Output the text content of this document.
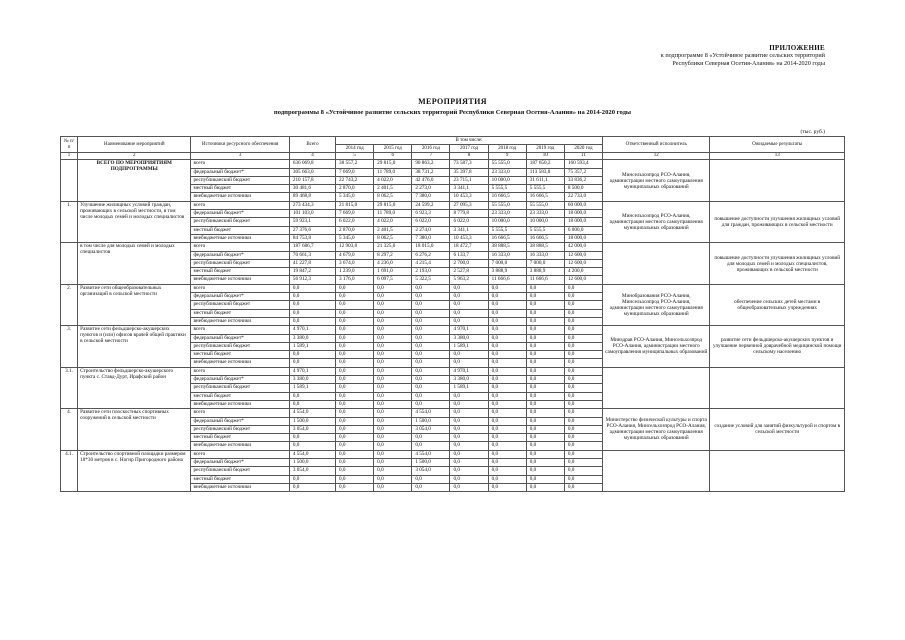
ПРИЛОЖЕНИЕ
к подпрограмме 8 «Устойчивое развитие сельских территорий
Республики Северная Осетия-Алания» на 2014-2020 годы
МЕРОПРИЯТИЯ
подпрограммы 8 «Устойчивое развитие сельских территорий Республики Северная Осетия-Алания» на 2014-2020 годы
(тыс. руб.)
№ п/п	Наименование мероприятий	Источники ресурсного обеспечения	Всего	В том числе:							Ответственный исполнитель	Ожидаемые результаты
				2014 год	2015 год	2016 год	2017 год	2018 год	2019 год	2020 год		
1	2	3	4	5	6	7	8	9	10	11	12	13
	ВСЕГО ПО МЕРОПРИЯТИЯМ ПОДПРОГРАММЫ	всего	636 069,8	38 557,2	29 815,0	90 863,2	73 587,3	55 555,0	187 650,2	160 593,4	Минсельхозпрод РСО-Алания, администрации местного самоуправления муниципальных образований	
		федеральный бюджет*	305 663,0	7 669,0	11 789,0	38 731,2	35 397,8	23 333,0	113 583,8	75 357,2		
		республиканский бюджет	210 157,8	22 743,2	4 022,0	42 476,0	23 715,1	10 000,0	31 611,1	33 836,2		
		местный бюджет	30 481,6	2 870,0	2 401,5	2 273,0	3 341,1	5 555,5	5 555,5	8 500,0		
		внебюджетные источники	89 468,8	5 345,0	8 062,5	7 380,0	10 453,3	16 666,5	16 666,5	22 733,0		
1.	Улучшение жилищных условий граждан, проживающих в сельской местности, в том числе молодых семей и молодых специалистов	всего	273 434,3	21 815,0	29 815,0	24 599,2	27 095,3	55 555,0	55 555,0	60 000,0	Минсельхозпрод РСО-Алания, администрации местного самоуправления муниципальных образований	повышение доступности улучшения жилищных условий для граждан, проживающих в сельской местности
		федеральный бюджет*	101 103,0	7 669,0	11 789,0	6 923,3	8 779,8	23 333,0	23 333,0	18 000,0		
		республиканский бюджет	59 923,1	6 022,0	4 022,0	6 022,0	6 022,0	10 000,0	10 000,0	18 000,0		
		местный бюджет	27 376,6	2 870,0	2 401,5	2 274,0	3 341,1	5 555,5	5 555,5	6 000,0		
		внебюджетные источники	84 753,8	5 345,0	8 062,5	7 380,0	10 453,3	16 666,5	16 666,5	18 000,0		
	в том числе для молодых семей и молодых специалистов	всего	187 686,7	12 903,0	21 325,0	18 015,0	18 472,7	38 888,5	38 888,5	42 000,0		повышение доступности улучшения жилищных условий для молодых семей и молодых специалистов, проживающих в сельской местности
		федеральный бюджет*	70 661,3	4 679,0	8 297,2	6 276,2	6 133,7	16 333,0	16 333,0	12 600,0		
		республиканский бюджет	41 227,8	3 674,0	4 236,0	4 215,4	2 700,0	7 000,0	7 000,0	12 600,0		
		местный бюджет	19 847,2	1 239,0	1 691,0	2 193,0	2 527,8	3 888,9	3 888,9	4 200,0		
		внебюджетные источники	56 912,3	3 176,0	6 097,5	5 322,5	5 963,2	11 666,6	11 666,6	12 600,0		
2.	Развитие сети общеобразовательных организаций в сельской местности	всего	0,0	0,0	0,0	0,0	0,0	0,0	0,0	0,0	Минобразования РСО-Алания, Минсельхозпрод РСО-Алания, администрации местного самоуправления муниципальных образований	обеспечение сельских детей местами в общеобразовательных учреждениях
		федеральный бюджет*	0,0	0,0	0,0	0,0	0,0	0,0	0,0	0,0		
		республиканский бюджет	0,0	0,0	0,0	0,0	0,0	0,0	0,0	0,0		
		местный бюджет	0,0	0,0	0,0	0,0	0,0	0,0	0,0	0,0		
		внебюджетные источники	0,0	0,0	0,0	0,0	0,0	0,0	0,0	0,0		
3.	Развитие сети фельдшерско-акушерских пунктов и (или) офисов врачей общей практики в сельской местности	всего	4 970,1	0,0	0,0	0,0	4 970,1	0,0	0,0	0,0	Минздрав РСО-Алания, Минсельхозпрод РСО-Алания, администрации местного самоуправления муниципальных образований	развитие сети фельдшерско-акушерских пунктов и улучшение первичной доврачебной медицинской помощи сельскому населению
		федеральный бюджет*	3 380,0	0,0	0,0	0,0	3 380,0	0,0	0,0	0,0		
		республиканский бюджет	1 589,1	0,0	0,0	0,0	1 589,1	0,0	0,0	0,0		
		местный бюджет	0,0	0,0	0,0	0,0	0,0	0,0	0,0	0,0		
		внебюджетные источники	0,0	0,0	0,0	0,0	0,0	0,0	0,0	0,0		
3.1.	Строительство фельдшерско-акушерского пункта с. Ставд-Дурт, Ирафский район	всего	4 970,1	0,0	0,0	0,0	4 970,1	0,0	0,0	0,0		
		федеральный бюджет*	3 380,0	0,0	0,0	0,0	3 380,0	0,0	0,0	0,0		
		республиканский бюджет	1 589,1	0,0	0,0	0,0	1 589,1	0,0	0,0	0,0		
		местный бюджет	0,0	0,0	0,0	0,0	0,0	0,0	0,0	0,0		
		внебюджетные источники	0,0	0,0	0,0	0,0	0,0	0,0	0,0	0,0		
4.	Развитие сети плоскостных спортивных сооружений в сельской местности	всего	4 554,0	0,0	0,0	4 554,0	0,0	0,0	0,0	0,0	Министерство физической культуры и спорта РСО-Алания, Минсельхозпрод РСО-Алания, администрации местного самоуправления муниципальных образований	создание условий для занятий физкультурой и спортом в сельской местности
		федеральный бюджет*	1 500,0	0,0	0,0	1 500,0	0,0	0,0	0,0	0,0		
		республиканский бюджет	3 054,0	0,0	0,0	3 054,0	0,0	0,0	0,0	0,0		
		местный бюджет	0,0	0,0	0,0	0,0	0,0	0,0	0,0	0,0		
		внебюджетные источники	0,0	0,0	0,0	0,0	0,0	0,0	0,0	0,0		
4.1.	Строительство спортивной площадки размером 18*30 метров в с. Ногир Пригородного района	всего	4 554,0	0,0	0,0	4 554,0	0,0	0,0	0,0	0,0		
		федеральный бюджет*	1 500,0	0,0	0,0	1 500,0	0,0	0,0	0,0	0,0		
		республиканский бюджет	3 054,0	0,0	0,0	3 054,0	0,0	0,0	0,0	0,0		
		местный бюджет	0,0	0,0	0,0	0,0	0,0	0,0	0,0	0,0		
		внебюджетные источники	0,0	0,0	0,0	0,0	0,0	0,0	0,0	0,0		
